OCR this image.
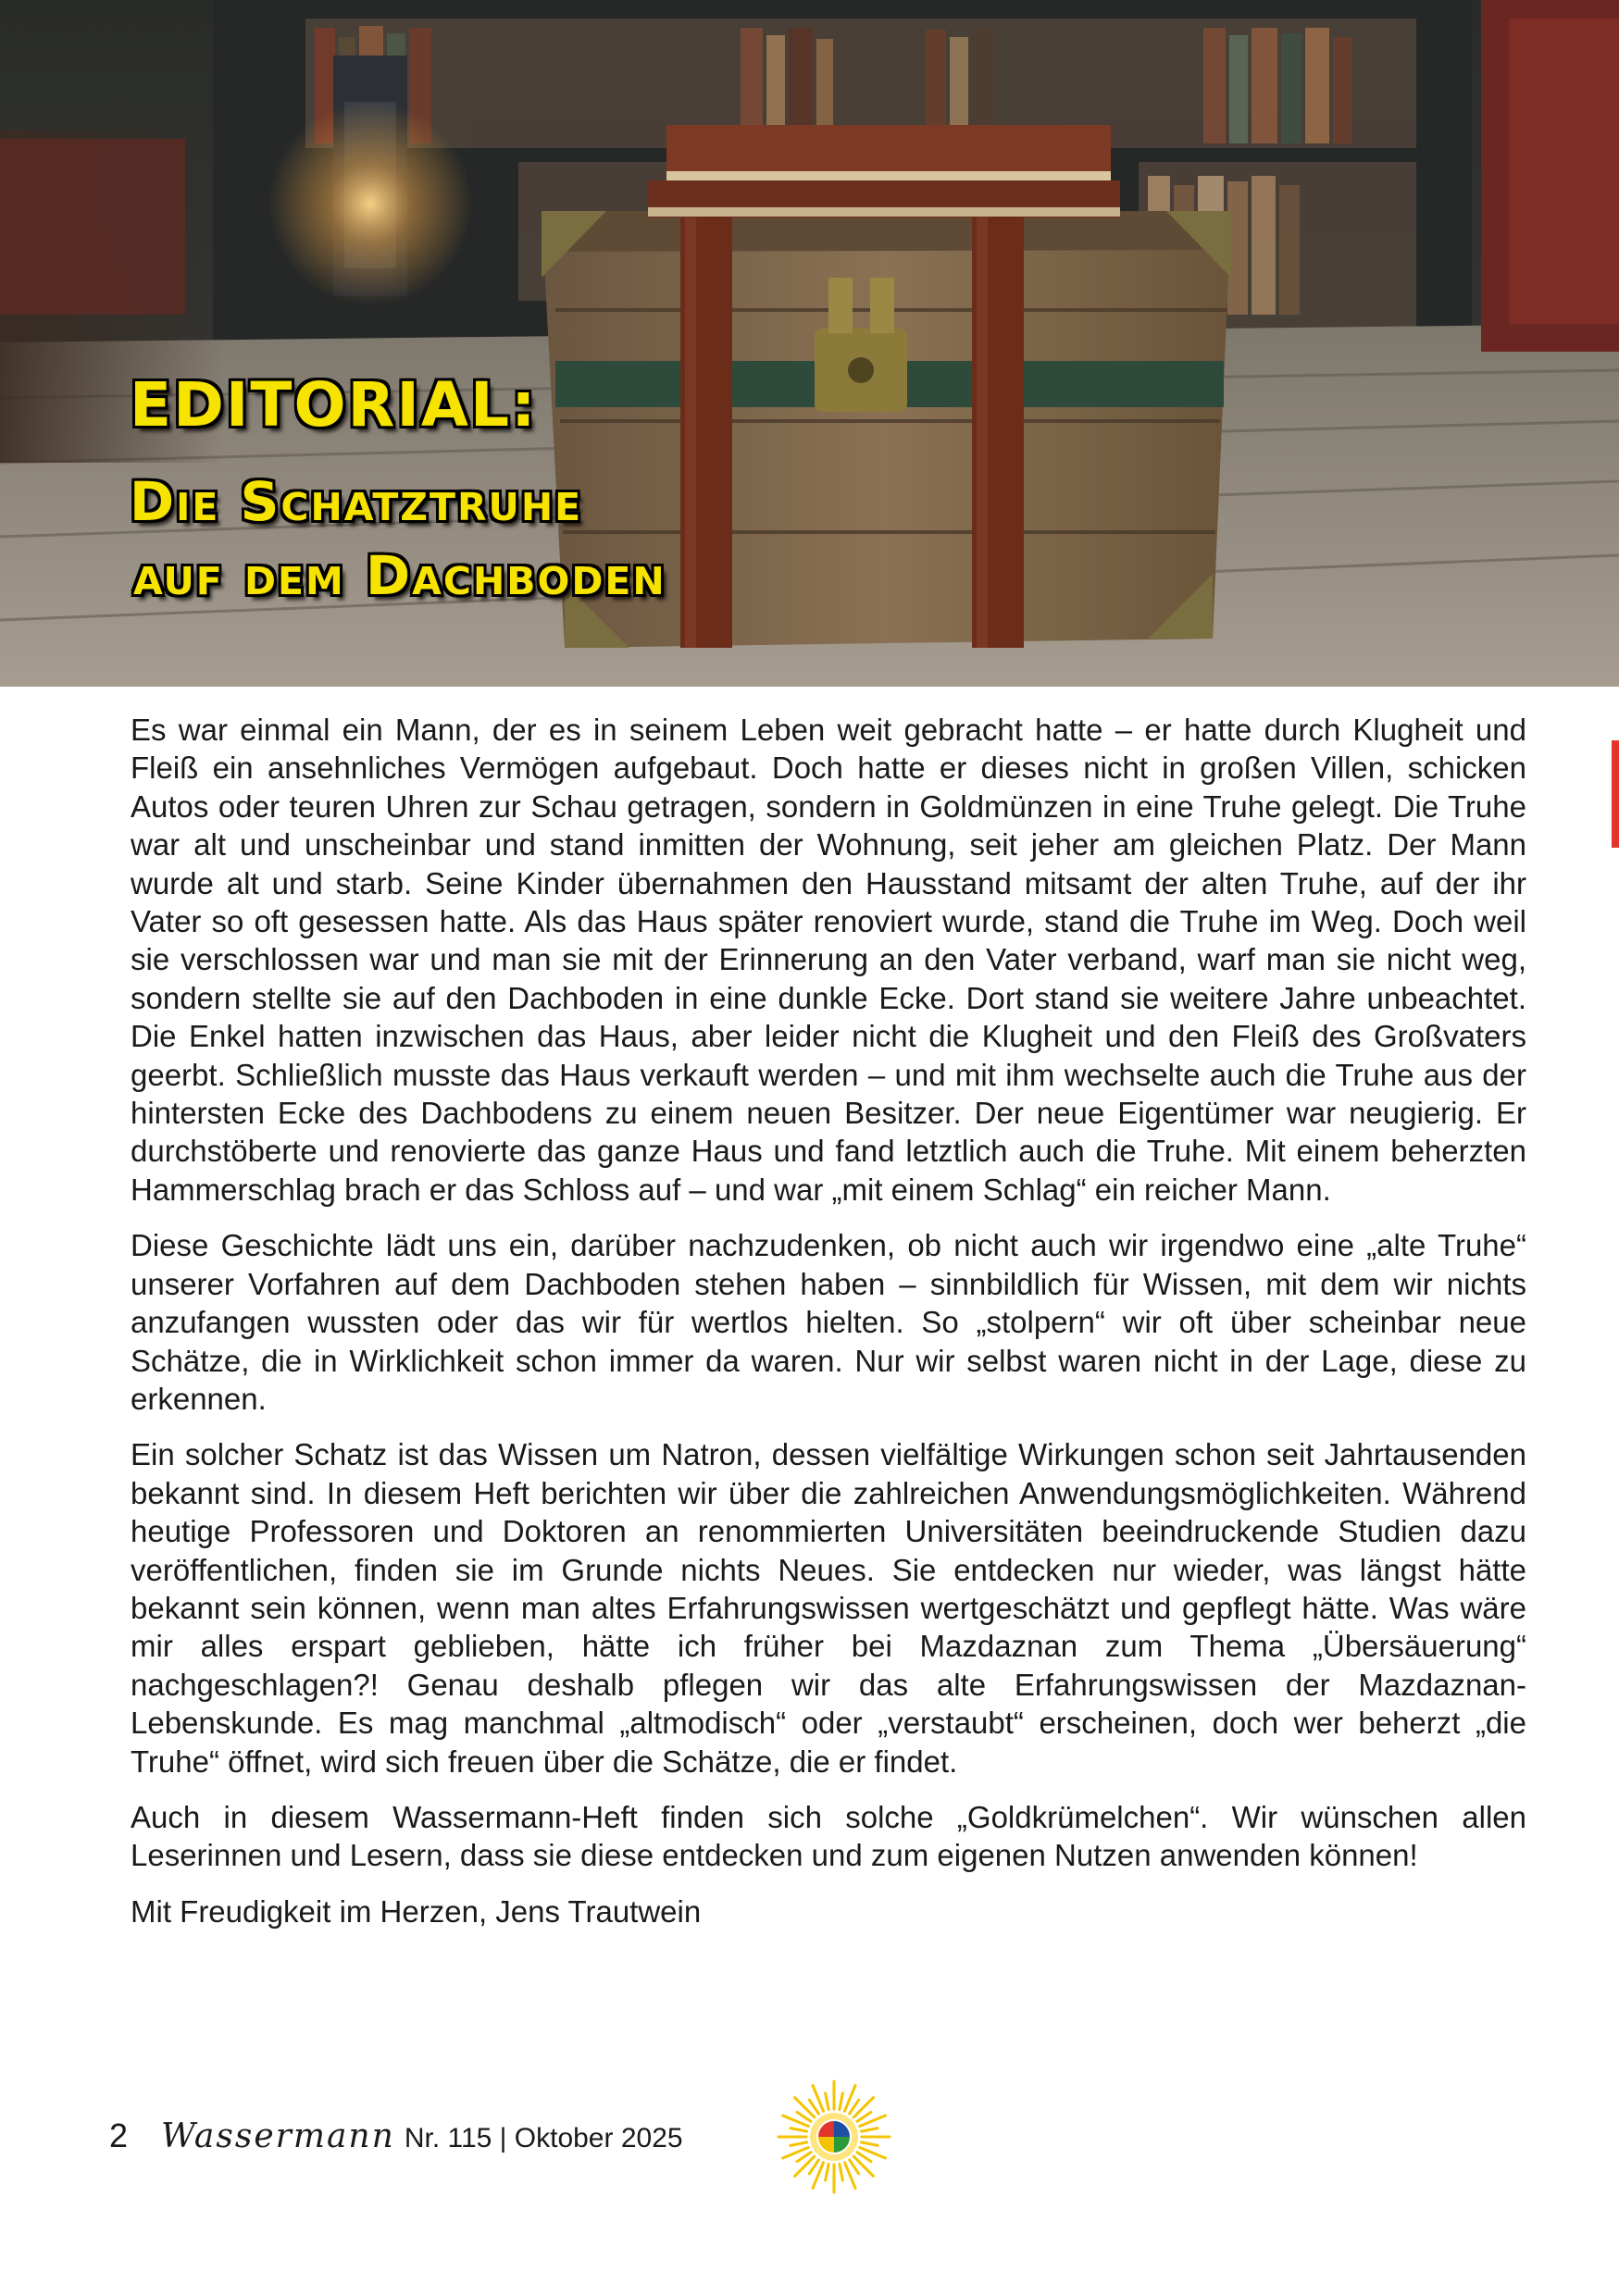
EDITORIAL:
Die Schatztruhe
auf dem Dachboden

Es war einmal ein Mann, der es in seinem Leben weit gebracht hatte – er hatte durch Klugheit und Fleiß ein ansehnliches Vermögen aufgebaut. Doch hatte er dieses nicht in großen Villen, schicken Autos oder teuren Uhren zur Schau getragen, sondern in Goldmünzen in eine Truhe gelegt. Die Truhe war alt und unscheinbar und stand inmitten der Wohnung, seit jeher am gleichen Platz. Der Mann wurde alt und starb. Seine Kinder übernahmen den Hausstand mitsamt der alten Truhe, auf der ihr Vater so oft gesessen hatte. Als das Haus später renoviert wurde, stand die Truhe im Weg. Doch weil sie verschlossen war und man sie mit der Erinnerung an den Vater verband, warf man sie nicht weg, sondern stellte sie auf den Dachboden in eine dunkle Ecke. Dort stand sie weitere Jahre unbeachtet. Die Enkel hatten inzwischen das Haus, aber leider nicht die Klugheit und den Fleiß des Großvaters geerbt. Schließlich musste das Haus verkauft werden – und mit ihm wechselte auch die Truhe aus der hintersten Ecke des Dachbodens zu einem neuen Besitzer. Der neue Eigentümer war neugierig. Er durchstöberte und renovierte das ganze Haus und fand letztlich auch die Truhe. Mit einem beherzten Hammerschlag brach er das Schloss auf – und war „mit einem Schlag“ ein reicher Mann.

Diese Geschichte lädt uns ein, darüber nachzudenken, ob nicht auch wir irgendwo eine „alte Truhe“ unserer Vorfahren auf dem Dachboden stehen haben – sinnbildlich für Wissen, mit dem wir nichts anzufangen wussten oder das wir für wertlos hielten. So „stolpern“ wir oft über scheinbar neue Schätze, die in Wirklichkeit schon immer da waren. Nur wir selbst waren nicht in der Lage, diese zu erkennen.

Ein solcher Schatz ist das Wissen um Natron, dessen vielfältige Wirkungen schon seit Jahrtausenden bekannt sind. In diesem Heft berichten wir über die zahlreichen Anwendungsmöglichkeiten. Während heutige Professoren und Doktoren an renommierten Universitäten beeindruckende Studien dazu veröffentlichen, finden sie im Grunde nichts Neues. Sie entdecken nur wieder, was längst hätte bekannt sein können, wenn man altes Erfahrungswissen wertgeschätzt und gepflegt hätte. Was wäre mir alles erspart geblieben, hätte ich früher bei Mazdaznan zum Thema „Übersäuerung“ nachgeschlagen?! Genau deshalb pflegen wir das alte Erfahrungswissen der Mazdaznan-Lebenskunde. Es mag manchmal „altmodisch“ oder „verstaubt“ erscheinen, doch wer beherzt „die Truhe“ öffnet, wird sich freuen über die Schätze, die er findet.

Auch in diesem Wassermann-Heft finden sich solche „Goldkrümelchen“. Wir wünschen allen Leserinnen und Lesern, dass sie diese entdecken und zum eigenen Nutzen anwenden können!

Mit Freudigkeit im Herzen, Jens Trautwein

2 Wassermann Nr. 115 | Oktober 2025
